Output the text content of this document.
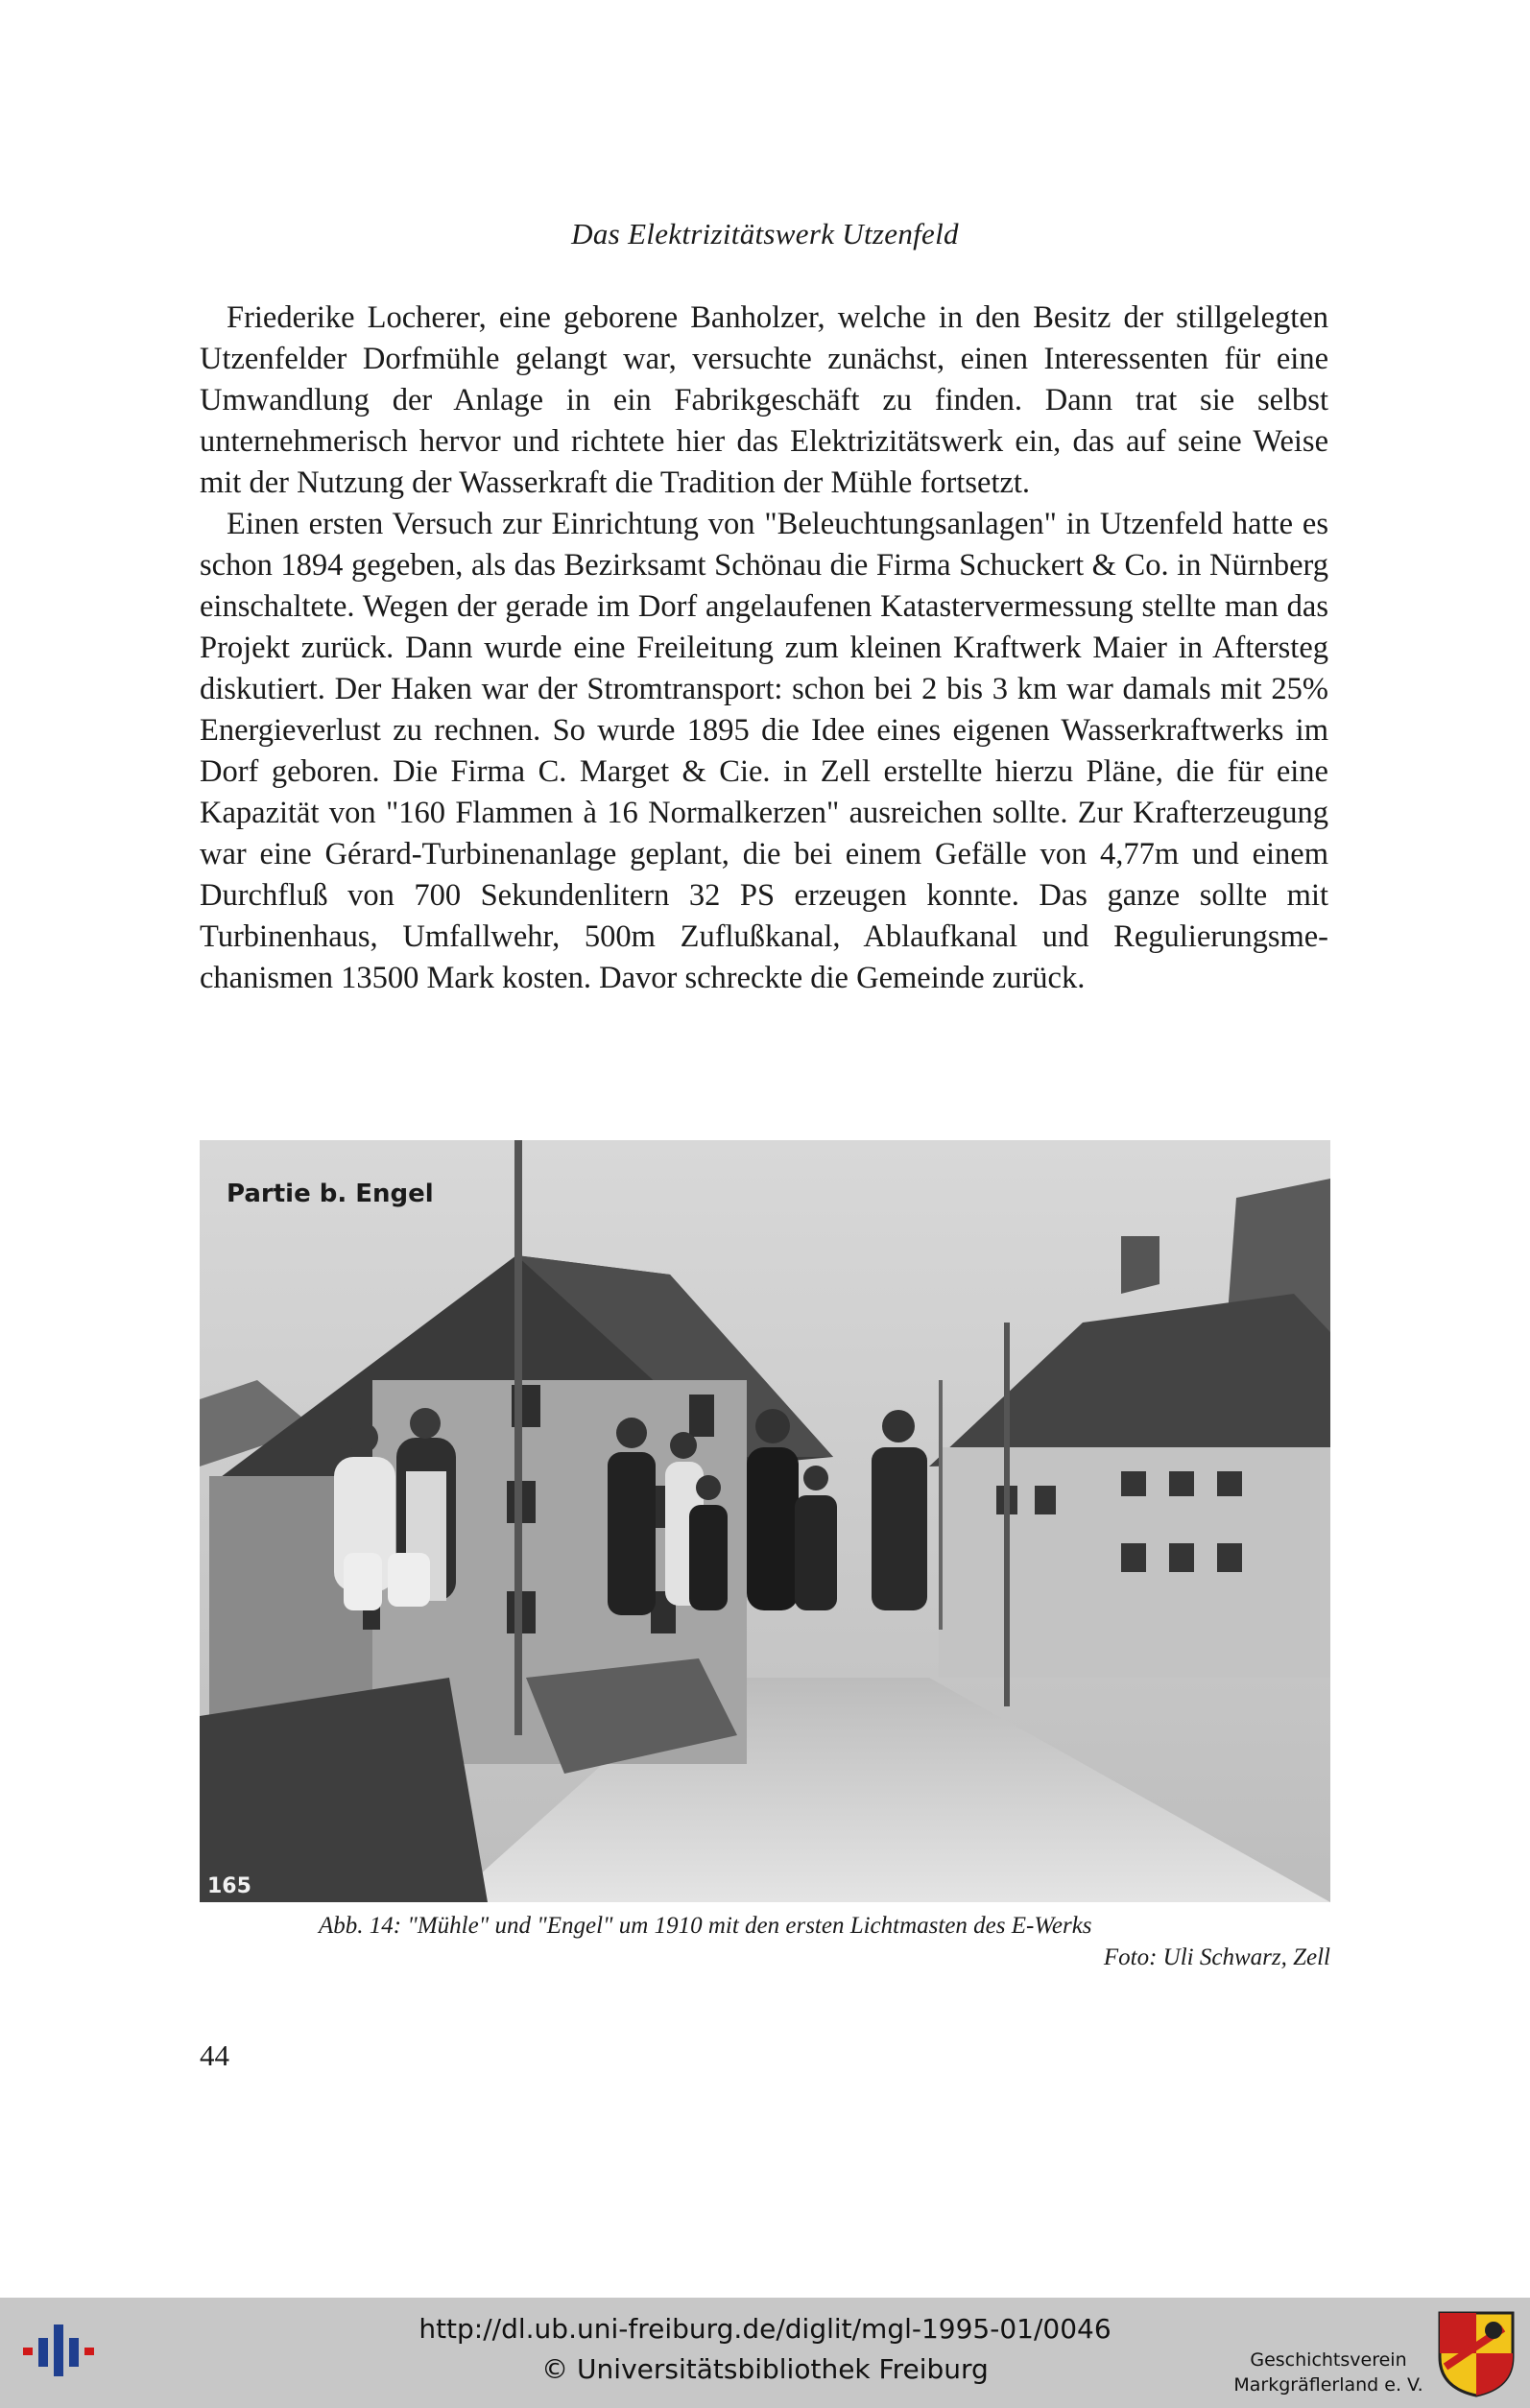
Das Elektrizitätswerk Utzenfeld

Friederike Locherer, eine geborene Banholzer, welche in den Besitz der stillgelegten Utzenfelder Dorfmühle gelangt war, versuchte zunächst, einen Interessenten für eine Umwandlung der Anlage in ein Fabrikgeschäft zu finden. Dann trat sie selbst unternehmerisch hervor und richtete hier das Elektrizitätswerk ein, das auf seine Weise mit der Nutzung der Wasserkraft die Tradition der Mühle fortsetzt.

Einen ersten Versuch zur Einrichtung von "Beleuchtungsanlagen" in Utzenfeld hatte es schon 1894 gegeben, als das Bezirksamt Schönau die Firma Schuckert & Co. in Nürnberg einschaltete. Wegen der gerade im Dorf angelaufenen Katastervermessung stellte man das Projekt zurück. Dann wurde eine Freileitung zum kleinen Kraftwerk Maier in Aftersteg diskutiert. Der Haken war der Stromtransport: schon bei 2 bis 3 km war damals mit 25% Energieverlust zu rechnen. So wurde 1895 die Idee eines eigenen Wasserkraftwerks im Dorf geboren. Die Firma C. Marget & Cie. in Zell erstellte hierzu Pläne, die für eine Kapazität von "160 Flammen à 16 Normalkerzen" ausreichen sollte. Zur Krafterzeugung war eine Gérard-Turbinenanlage geplant, die bei einem Gefälle von 4,77m und einem Durchfluß von 700 Sekundenlitern 32 PS erzeugen konnte. Das ganze sollte mit Turbinenhaus, Umfallwehr, 500m Zuflußkanal, Ablaufkanal und Regulierungsmechanismen 13500 Mark kosten. Davor schreckte die Gemeinde zurück.

Partie b. Engel
165
Abb. 14: "Mühle" und "Engel" um 1910 mit den ersten Lichtmasten des E-Werks
Foto: Uli Schwarz, Zell
44
http://dl.ub.uni-freiburg.de/diglit/mgl-1995-01/0046
© Universitätsbibliothek Freiburg	Geschichtsverein
Markgräflerland e. V.
